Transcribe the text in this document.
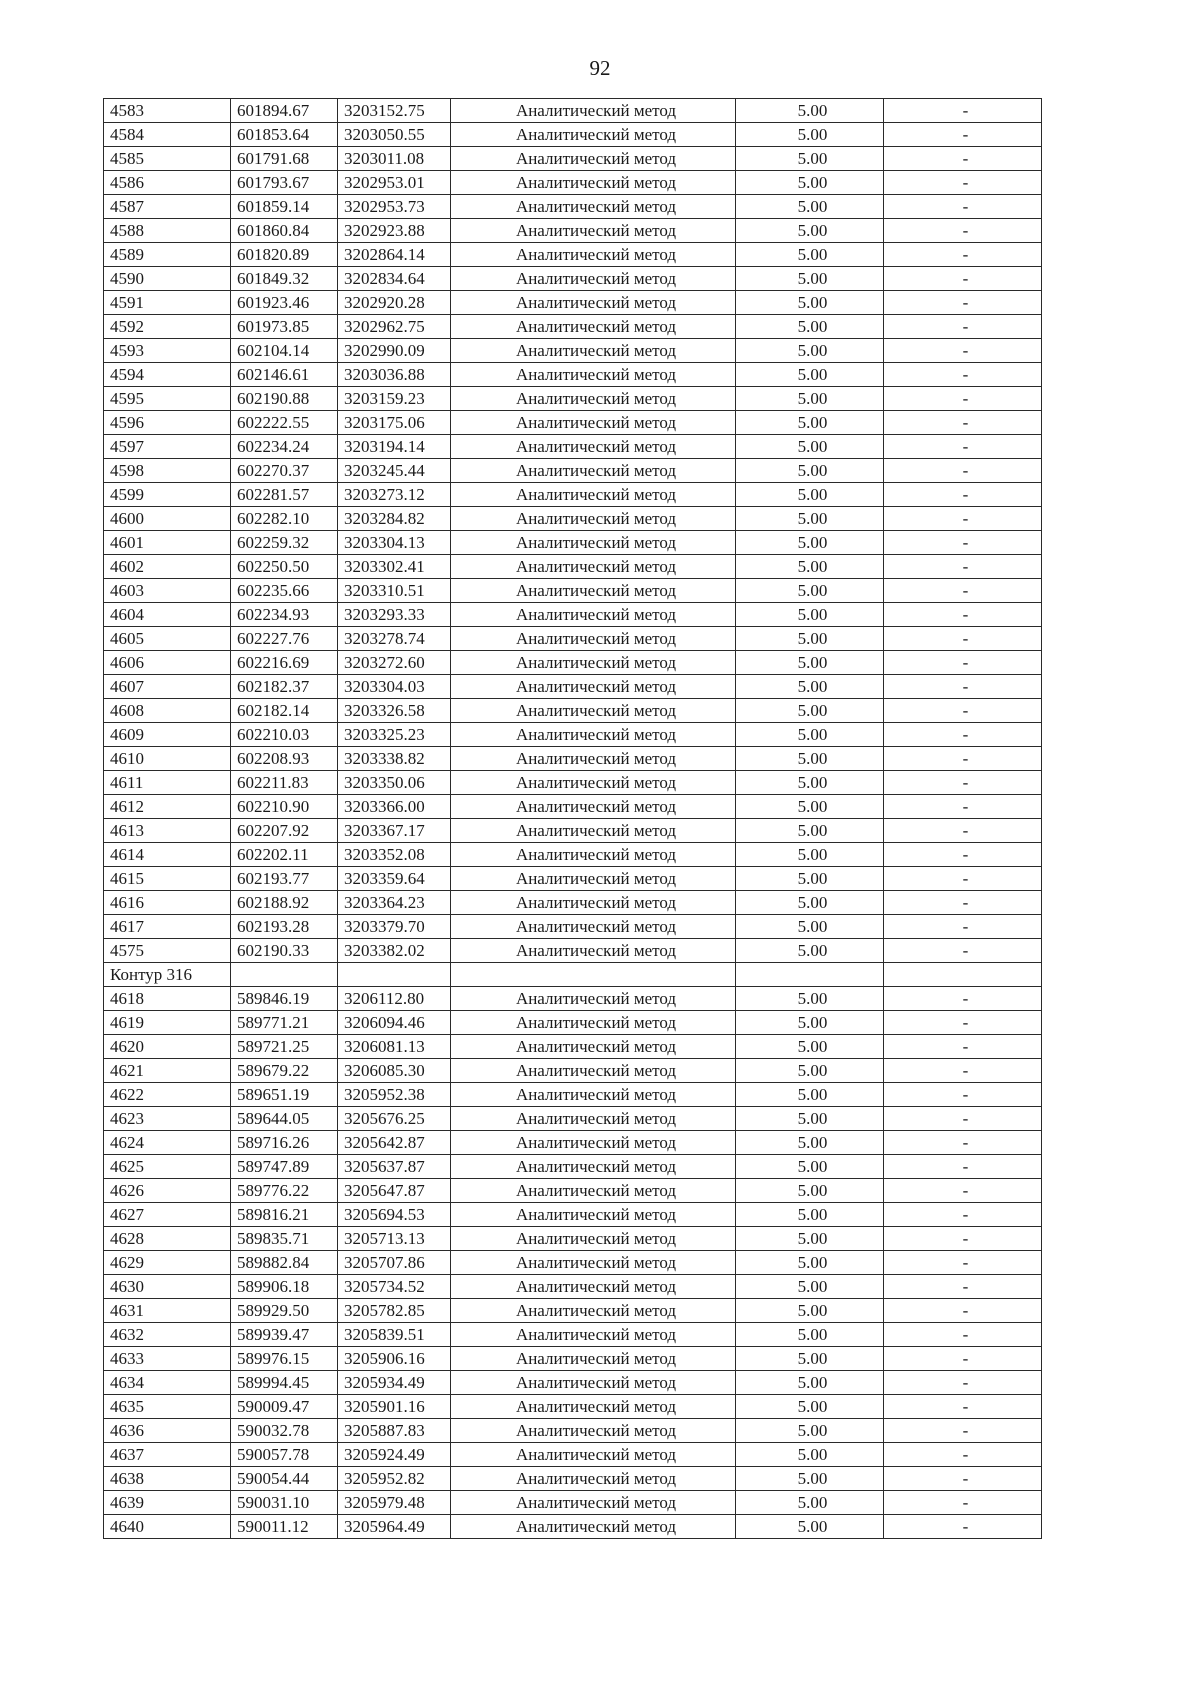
92
4583	601894.67	3203152.75	Аналитический метод	5.00	-
4584	601853.64	3203050.55	Аналитический метод	5.00	-
4585	601791.68	3203011.08	Аналитический метод	5.00	-
4586	601793.67	3202953.01	Аналитический метод	5.00	-
4587	601859.14	3202953.73	Аналитический метод	5.00	-
4588	601860.84	3202923.88	Аналитический метод	5.00	-
4589	601820.89	3202864.14	Аналитический метод	5.00	-
4590	601849.32	3202834.64	Аналитический метод	5.00	-
4591	601923.46	3202920.28	Аналитический метод	5.00	-
4592	601973.85	3202962.75	Аналитический метод	5.00	-
4593	602104.14	3202990.09	Аналитический метод	5.00	-
4594	602146.61	3203036.88	Аналитический метод	5.00	-
4595	602190.88	3203159.23	Аналитический метод	5.00	-
4596	602222.55	3203175.06	Аналитический метод	5.00	-
4597	602234.24	3203194.14	Аналитический метод	5.00	-
4598	602270.37	3203245.44	Аналитический метод	5.00	-
4599	602281.57	3203273.12	Аналитический метод	5.00	-
4600	602282.10	3203284.82	Аналитический метод	5.00	-
4601	602259.32	3203304.13	Аналитический метод	5.00	-
4602	602250.50	3203302.41	Аналитический метод	5.00	-
4603	602235.66	3203310.51	Аналитический метод	5.00	-
4604	602234.93	3203293.33	Аналитический метод	5.00	-
4605	602227.76	3203278.74	Аналитический метод	5.00	-
4606	602216.69	3203272.60	Аналитический метод	5.00	-
4607	602182.37	3203304.03	Аналитический метод	5.00	-
4608	602182.14	3203326.58	Аналитический метод	5.00	-
4609	602210.03	3203325.23	Аналитический метод	5.00	-
4610	602208.93	3203338.82	Аналитический метод	5.00	-
4611	602211.83	3203350.06	Аналитический метод	5.00	-
4612	602210.90	3203366.00	Аналитический метод	5.00	-
4613	602207.92	3203367.17	Аналитический метод	5.00	-
4614	602202.11	3203352.08	Аналитический метод	5.00	-
4615	602193.77	3203359.64	Аналитический метод	5.00	-
4616	602188.92	3203364.23	Аналитический метод	5.00	-
4617	602193.28	3203379.70	Аналитический метод	5.00	-
4575	602190.33	3203382.02	Аналитический метод	5.00	-
Контур 316					
4618	589846.19	3206112.80	Аналитический метод	5.00	-
4619	589771.21	3206094.46	Аналитический метод	5.00	-
4620	589721.25	3206081.13	Аналитический метод	5.00	-
4621	589679.22	3206085.30	Аналитический метод	5.00	-
4622	589651.19	3205952.38	Аналитический метод	5.00	-
4623	589644.05	3205676.25	Аналитический метод	5.00	-
4624	589716.26	3205642.87	Аналитический метод	5.00	-
4625	589747.89	3205637.87	Аналитический метод	5.00	-
4626	589776.22	3205647.87	Аналитический метод	5.00	-
4627	589816.21	3205694.53	Аналитический метод	5.00	-
4628	589835.71	3205713.13	Аналитический метод	5.00	-
4629	589882.84	3205707.86	Аналитический метод	5.00	-
4630	589906.18	3205734.52	Аналитический метод	5.00	-
4631	589929.50	3205782.85	Аналитический метод	5.00	-
4632	589939.47	3205839.51	Аналитический метод	5.00	-
4633	589976.15	3205906.16	Аналитический метод	5.00	-
4634	589994.45	3205934.49	Аналитический метод	5.00	-
4635	590009.47	3205901.16	Аналитический метод	5.00	-
4636	590032.78	3205887.83	Аналитический метод	5.00	-
4637	590057.78	3205924.49	Аналитический метод	5.00	-
4638	590054.44	3205952.82	Аналитический метод	5.00	-
4639	590031.10	3205979.48	Аналитический метод	5.00	-
4640	590011.12	3205964.49	Аналитический метод	5.00	-
